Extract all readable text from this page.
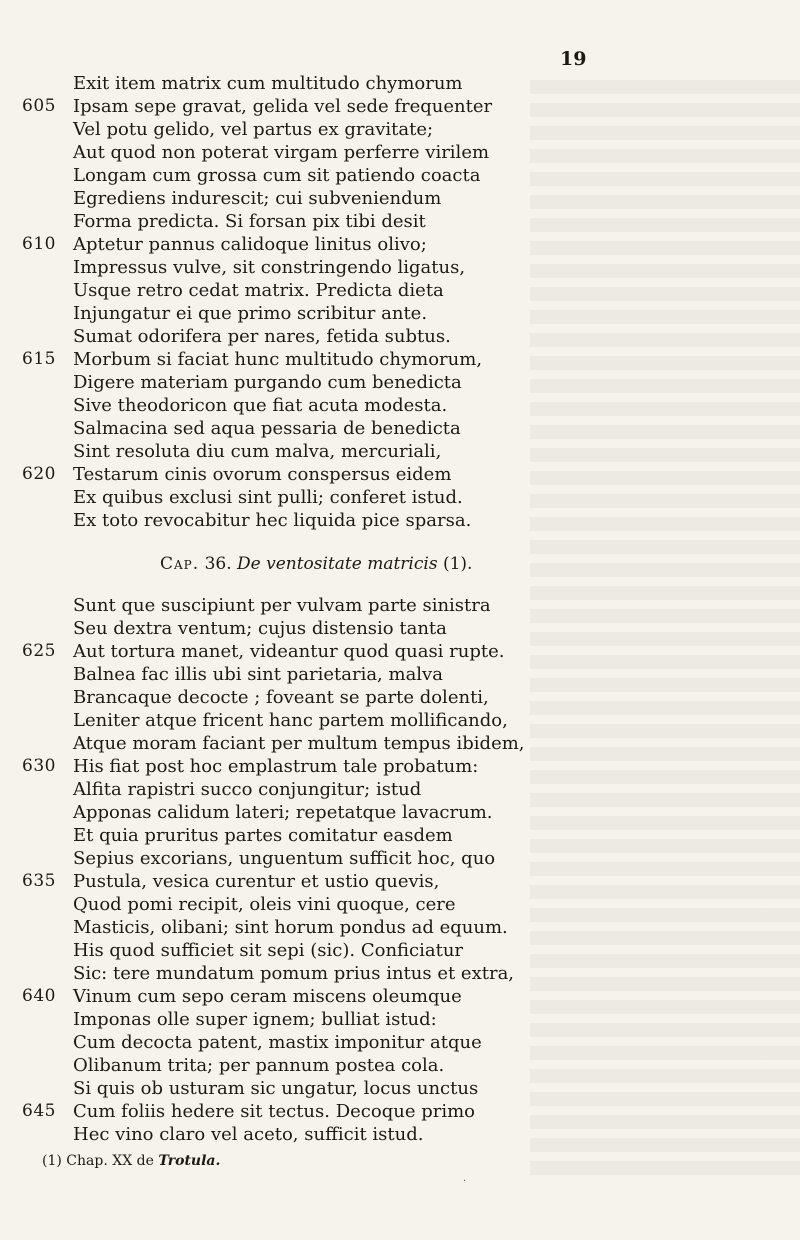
19
Exit item matrix cum multitudo chymorum
605 Ipsam sepe gravat, gelida vel sede frequenter
Vel potu gelido, vel partus ex gravitate;
Aut quod non poterat virgam perferre virilem
Longam cum grossa cum sit patiendo coacta
Egrediens induresсit; cui subveniendum
Forma predicta. Si forsan pix tibi desit
610 Aptetur pannus calidoque linitus olivo;
Impressus vulve, sit constringendo ligatus,
Usque retro cedat matrix. Predicta dieta
Injungatur ei que primo scribitur ante.
Sumat odorifera per nares, fetida subtus.
615 Morbum si faciat hunc multitudo chymorum,
Digere materiam purgando cum benedicta
Sive theodoricon que fiat acuta modesta.
Salmacina sed aqua pessaria de benedicta
Sint resoluta diu cum malva, mercuriali,
620 Testarum cinis ovorum conspersus eidem
Ex quibus exclusi sint pulli; conferet istud.
Ex toto revocabitur hec liquida pice sparsa.
Cap. 36. De ventositate matricis (1).
Sunt que suscipiunt per vulvam parte sinistra
Seu dextra ventum; cujus distensio tanta
625 Aut tortura manet, videantur quod quasi rupte.
Balnea fac illis ubi sint parietaria, malva
Brancaque decocte ; foveant se parte dolenti,
Leniter atque fricent hanc partem mollificando,
Atque moram faciant per multum tempus ibidem,
630 His fiat post hoc emplastrum tale probatum:
Alfita rapistri succo conjungitur; istud
Apponas calidum lateri; repetatque lavacrum.
Et quia pruritus partes comitatur easdem
Sepius excorians, unguentum sufficit hoc, quo
635 Pustula, vesica curentur et ustio quevis,
Quod pomi recipit, oleis vini quoque, cere
Masticis, olibani; sint horum pondus ad equum.
His quod sufficiet sit sepi (sic). Conficiatur
Sic: tere mundatum pomum prius intus et extra,
640 Vinum cum sepo ceram miscens oleumque
Imponas olle super ignem; bulliat istud:
Cum decocta patent, mastix imponitur atque
Olibanum trita; per pannum postea cola.
Si quis ob usturam sic ungatur, locus unctus
645 Cum foliis hedere sit tectus. Decoque primo
Hec vino claro vel aceto, sufficit istud.
(1) Chap. XX de Trotula.
·
